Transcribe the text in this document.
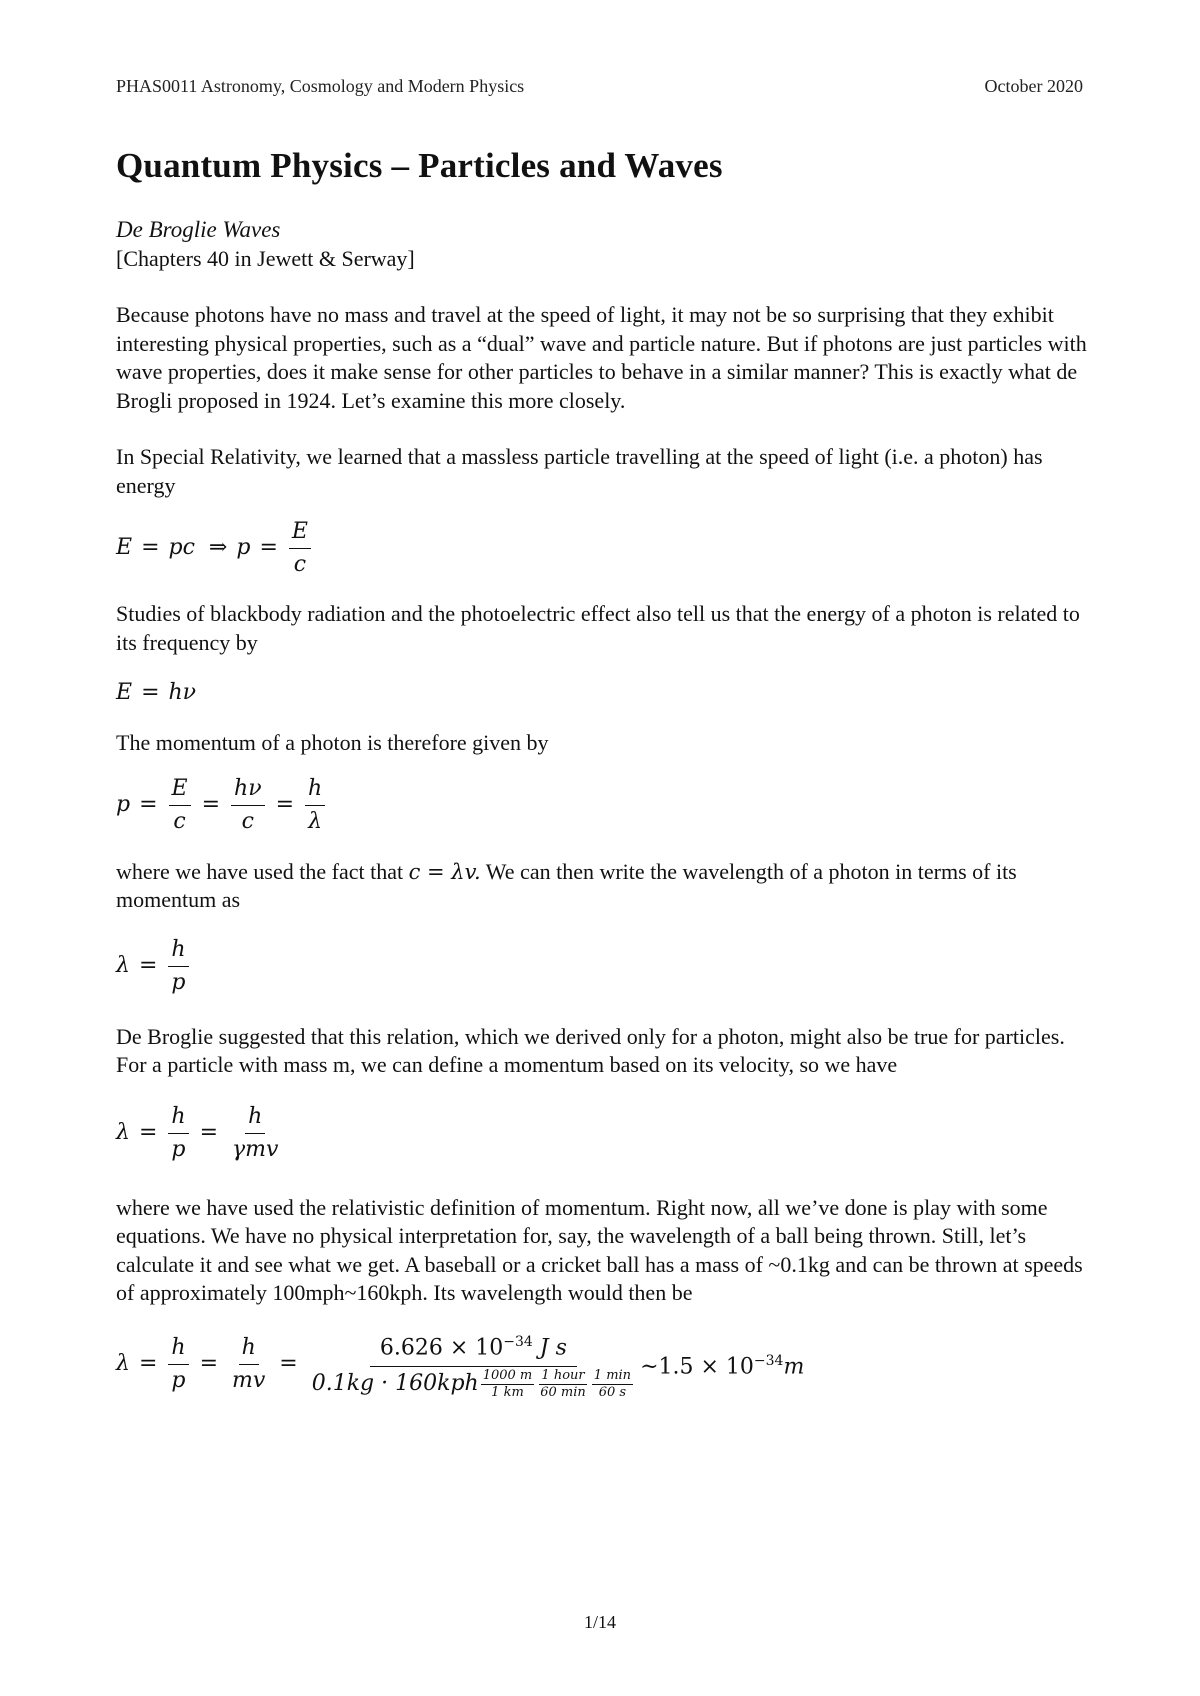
PHAS0011 Astronomy, Cosmology and Modern Physics	October 2020
Quantum Physics – Particles and Waves

De Broglie Waves

[Chapters 40 in Jewett & Serway]

Because photons have no mass and travel at the speed of light, it may not be so surprising that they exhibit interesting physical properties, such as a “dual” wave and particle nature. But if photons are just particles with wave properties, does it make sense for other particles to behave in a similar manner? This is exactly what de Brogli proposed in 1924. Let’s examine this more closely.

In Special Relativity, we learned that a massless particle travelling at the speed of light (i.e. a photon) has energy

E = pc ⇒ $p = \frac{E}{c}$

Studies of blackbody radiation and the photoelectric effect also tell us that the energy of a photon is related to its frequency by

E = hν

The momentum of a photon is therefore given by

$p = \frac{E}{c} = \frac{h\nu}{c} = \frac{h}{\lambda}$

where we have used the fact that c = λv. We can then write the wavelength of a photon in terms of its momentum as

$\lambda = \frac{h}{p}$

De Broglie suggested that this relation, which we derived only for a photon, might also be true for particles. For a particle with mass m, we can define a momentum based on its velocity, so we have

$\lambda = \frac{h}{p} = \frac{h}{\text{γmv}}$

where we have used the relativistic definition of momentum. Right now, all we’ve done is play with some equations. We have no physical interpretation for, say, the wavelength of a ball being thrown. Still, let’s calculate it and see what we get. A baseball or a cricket ball has a mass of ~0.1kg and can be thrown at speeds of approximately 100mph~160kph. Its wavelength would then be

$\lambda = \frac{h}{p} = \frac{h}{mv}$ =
$6.626 \times 10^{-34}$ J s
$0.1kg \cdot 160kph \frac{1000 m}{1 km} \frac{\text{1 hour}}{60 \min} \frac{1 \min}{60 s}$
~1.5 × $10^{-34}m$
1/14
